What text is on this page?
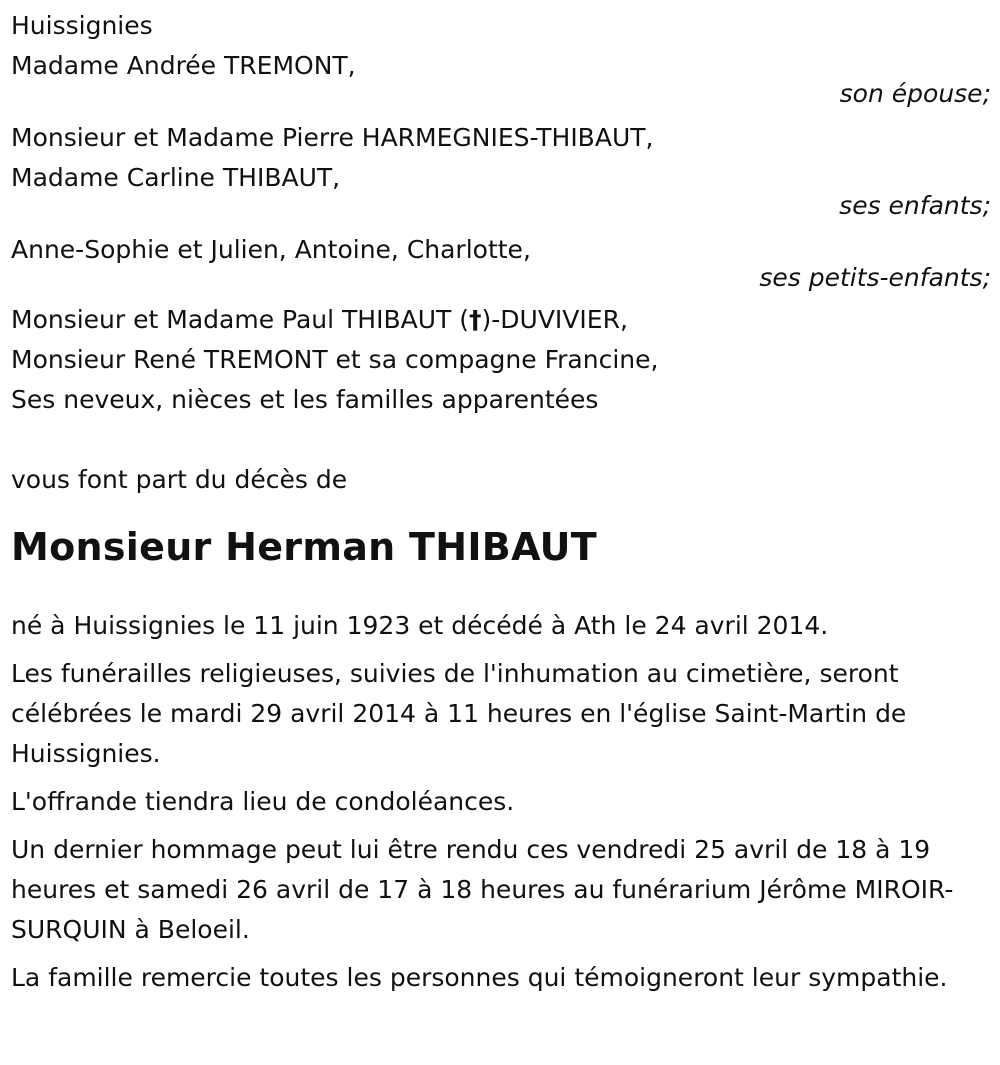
Huissignies
Madame Andrée TREMONT,
son épouse;
Monsieur et Madame Pierre HARMEGNIES-THIBAUT,
Madame Carline THIBAUT,
ses enfants;
Anne-Sophie et Julien, Antoine, Charlotte,
ses petits-enfants;
Monsieur et Madame Paul THIBAUT (†)-DUVIVIER,
Monsieur René TREMONT et sa compagne Francine,
Ses neveux, nièces et les familles apparentées
vous font part du décès de
Monsieur Herman THIBAUT
né à Huissignies le 11 juin 1923 et décédé à Ath le 24 avril 2014.
Les funérailles religieuses, suivies de l'inhumation au cimetière, seront célébrées le mardi 29 avril 2014 à 11 heures en l'église Saint-Martin de Huissignies.
L'offrande tiendra lieu de condoléances.
Un dernier hommage peut lui être rendu ces vendredi 25 avril de 18 à 19 heures et samedi 26 avril de 17 à 18 heures au funérarium Jérôme MIROIR-SURQUIN à Beloeil.
La famille remercie toutes les personnes qui témoigneront leur sympathie.
